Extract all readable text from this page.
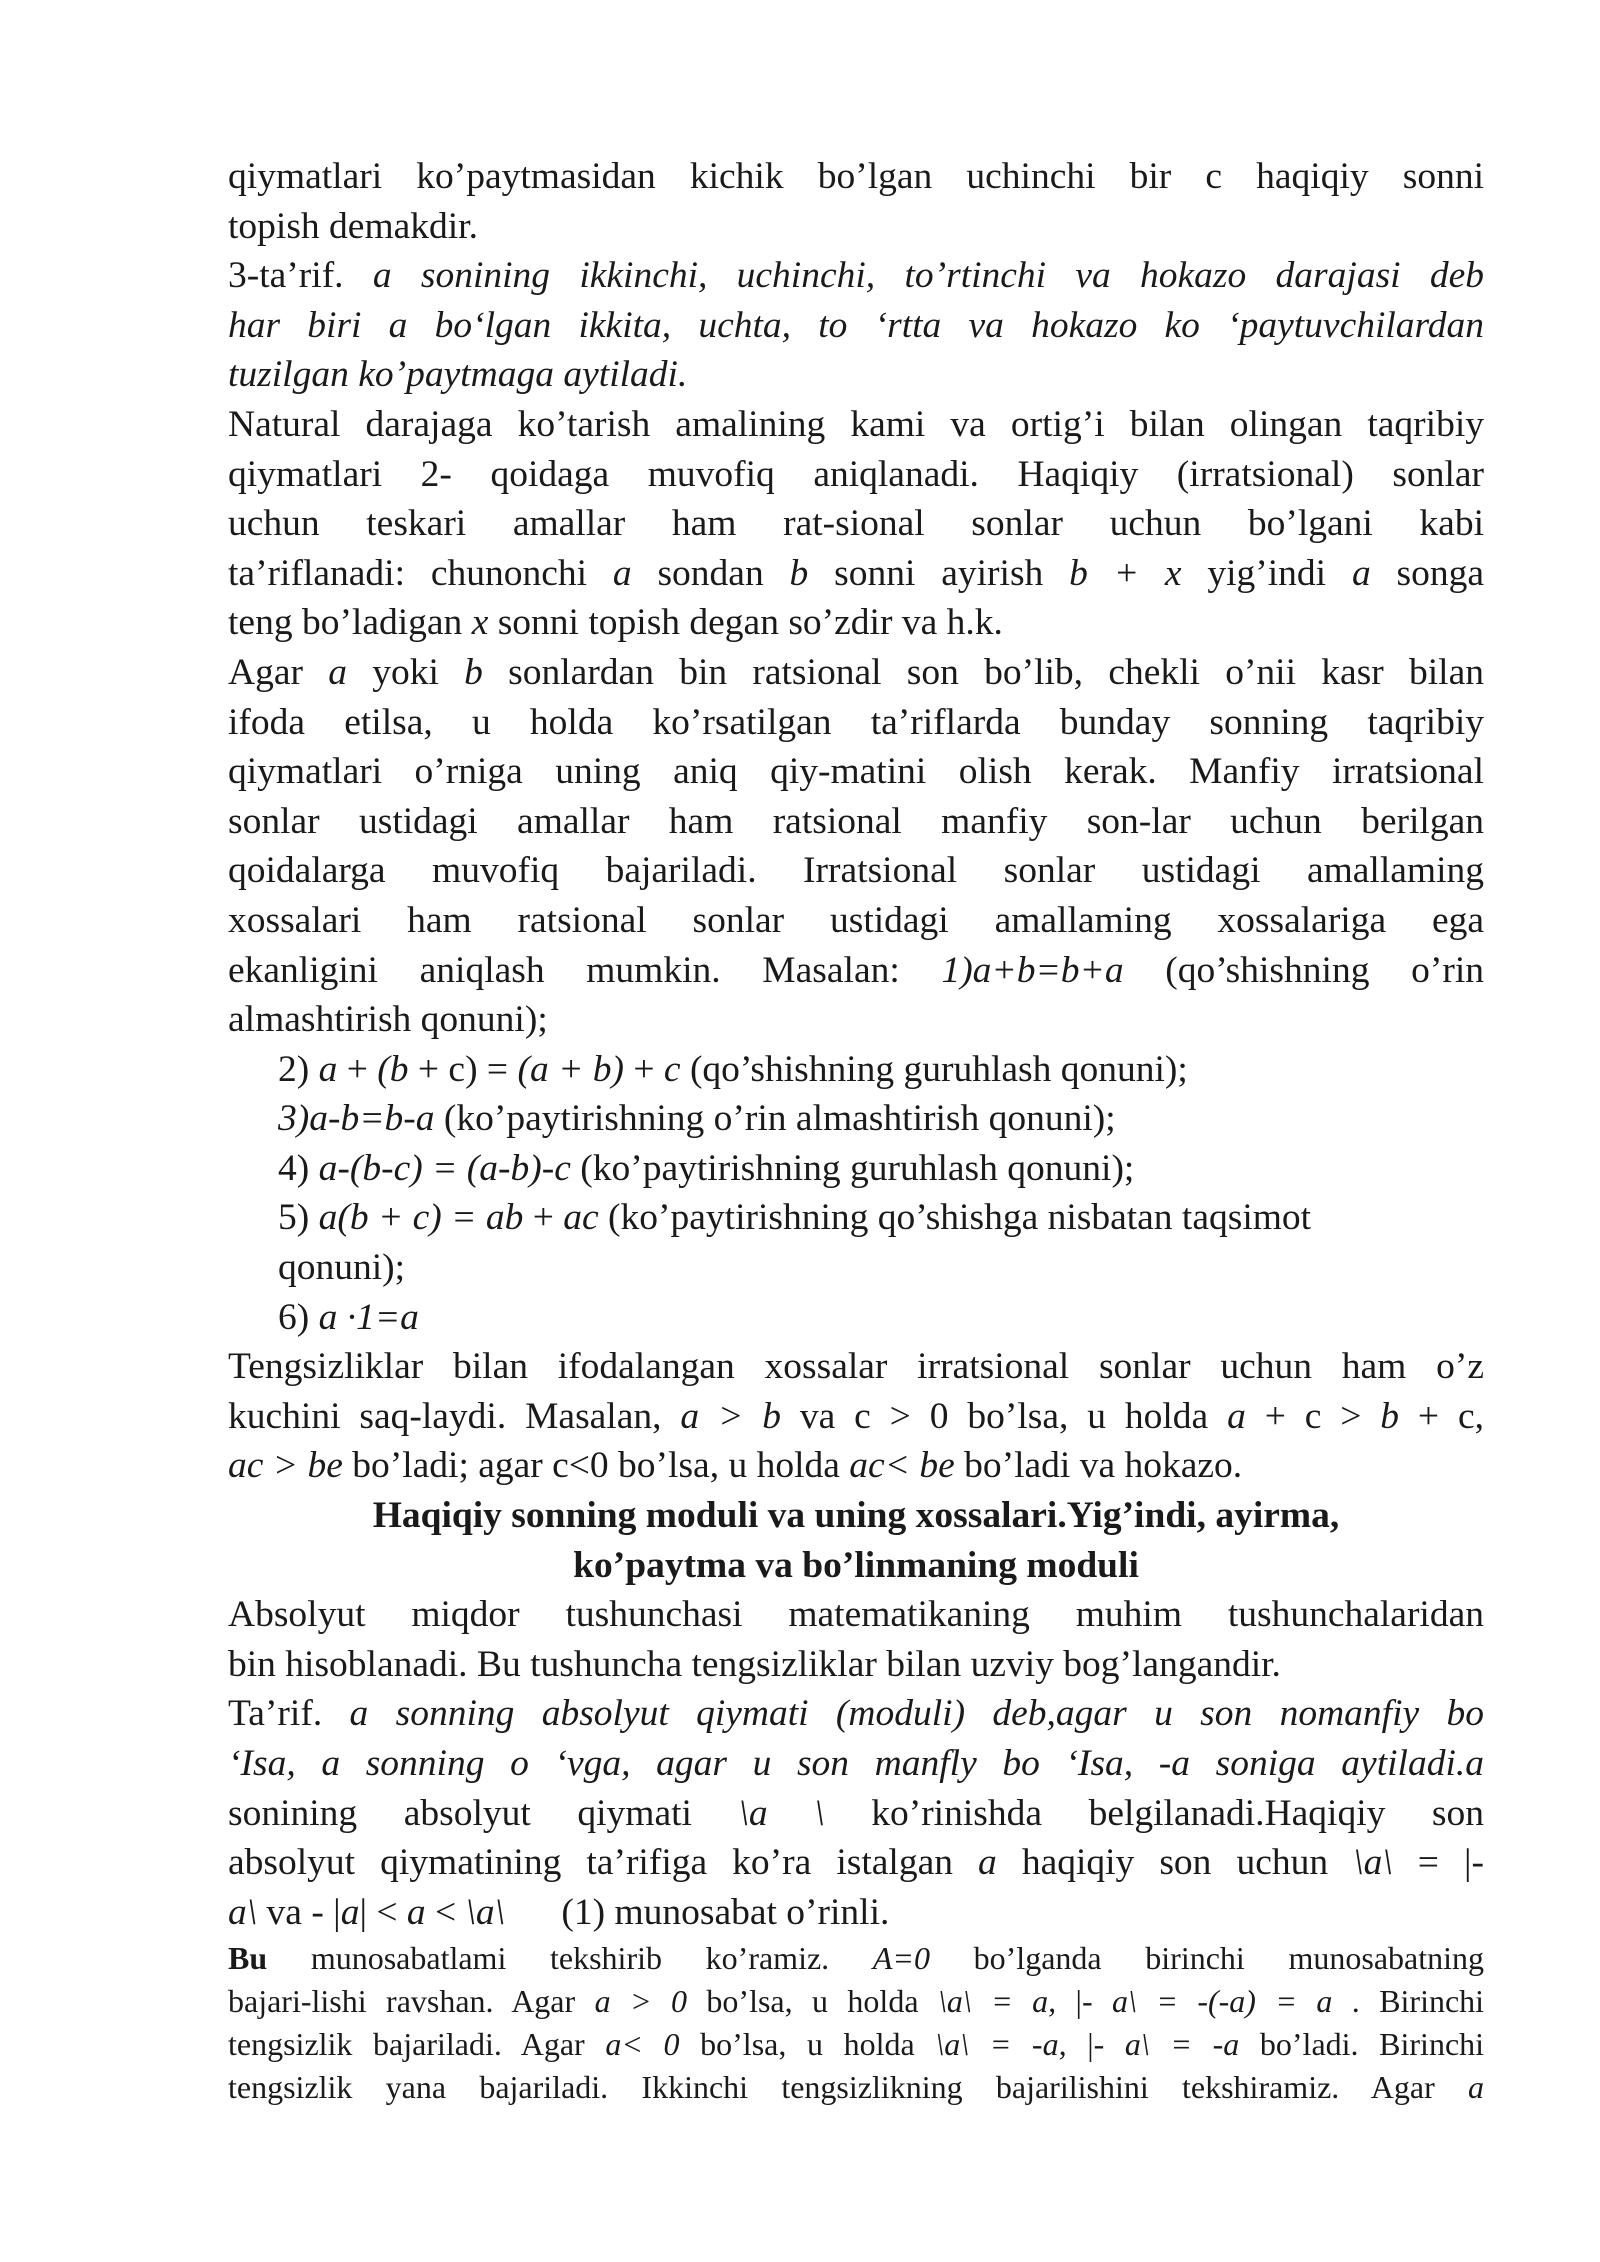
qiymatlari ko’paytmasidan kichik bo’lgan uchinchi bir c haqiqiy sonni

topish demakdir.

3-ta’rif. a sonining ikkinchi, uchinchi, to’rtinchi va hokazo darajasi deb

har biri a bo‘lgan ikkita, uchta, to ‘rtta va hokazo ko ‘paytuvchilardan

tuzilgan ko’paytmaga aytiladi.

Natural darajaga ko’tarish amalining kami va ortig’i bilan olingan taqribiy

qiymatlari 2- qoidaga muvofiq aniqlanadi. Haqiqiy (irratsional) sonlar

uchun teskari amallar ham rat-sional sonlar uchun bo’lgani kabi

ta’riflanadi: chunonchi a sondan b sonni ayirish b + x yig’indi a songa

teng bo’ladigan x sonni topish degan so’zdir va h.k.

Agar a yoki b sonlardan bin ratsional son bo’lib, chekli o’nii kasr bilan

ifoda etilsa, u holda ko’rsatilgan ta’riflarda bunday sonning taqribiy

qiymatlari o’rniga uning aniq qiy-matini olish kerak. Manfiy irratsional

sonlar ustidagi amallar ham ratsional manfiy son-lar uchun berilgan

qoidalarga muvofiq bajariladi. Irratsional sonlar ustidagi amallaming

xossalari ham ratsional sonlar ustidagi amallaming xossalariga ega

ekanligini aniqlash mumkin. Masalan: 1)a+b=b+a (qo’shishning o’rin

almashtirish qonuni);

2) a + (b + c) = (a + b) + c (qo’shishning guruhlash qonuni);

3)a-b=b-a (ko’paytirishning o’rin almashtirish qonuni);

4) a-(b-c) = (a-b)-c (ko’paytirishning guruhlash qonuni);

5) a(b + c) = ab + ac (ko’paytirishning qo’shishga nisbatan taqsimot

qonuni);

6) a ·1=a

Tengsizliklar bilan ifodalangan xossalar irratsional sonlar uchun ham o’z

kuchini saq-laydi. Masalan, a > b va c > 0 bo’lsa, u holda a + c > b + c,

ac > be bo’ladi; agar c<0 bo’lsa, u holda ac< be bo’ladi va hokazo.

Haqiqiy sonning moduli va uning xossalari.Yig’indi, ayirma,

ko’paytma va bo’linmaning moduli

Absolyut miqdor tushunchasi matematikaning muhim tushunchalaridan

bin hisoblanadi. Bu tushuncha tengsizliklar bilan uzviy bog’langandir.

Ta’rif. a sonning absolyut qiymati (moduli) deb,agar u son nomanfiy bo

‘Isa, a sonning o ‘vga, agar u son manfly bo ‘Isa, -a soniga aytiladi.a

sonining absolyut qiymati \a \ ko’rinishda belgilanadi.Haqiqiy son

absolyut qiymatining ta’rifiga ko’ra istalgan a haqiqiy son uchun \a\ = |-

a\ va - |a| < a < \a\      (1) munosabat o’rinli.

Bu munosabatlami tekshirib ko’ramiz. A=0 bo’lganda birinchi munosabatning

bajari-lishi ravshan. Agar a > 0 bo’lsa, u holda \a\ = a, |- a\ = -(-a) = a . Birinchi

tengsizlik bajariladi. Agar a< 0 bo’lsa, u holda \a\ = -a, |- a\ = -a bo’ladi. Birinchi

tengsizlik yana bajariladi. Ikkinchi tengsizlikning bajarilishini tekshiramiz. Agar a
